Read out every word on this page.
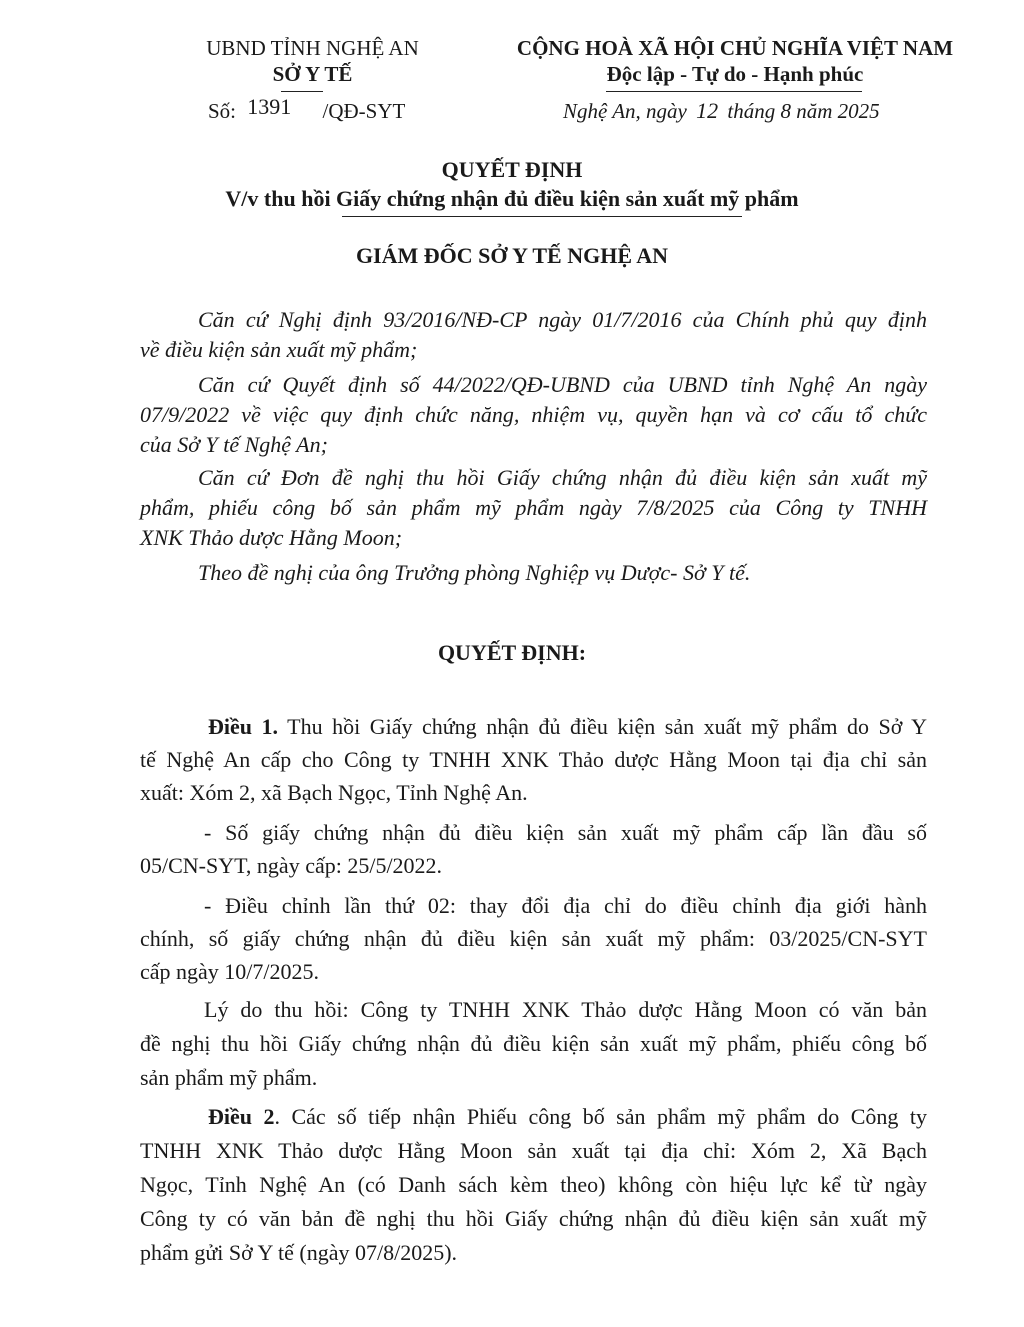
UBND TỈNH NGHỆ AN
SỞ Y TẾ
Số: 1391 /QĐ-SYT
CỘNG HOÀ XÃ HỘI CHỦ NGHĨA VIỆT NAM
Độc lập - Tự do - Hạnh phúc
Nghệ An, ngày 12 tháng 8 năm 2025
QUYẾT ĐỊNH
V/v thu hồi Giấy chứng nhận đủ điều kiện sản xuất mỹ phẩm
GIÁM ĐỐC SỞ Y TẾ NGHỆ AN
Căn cứ Nghị định 93/2016/NĐ-CP ngày 01/7/2016 của Chính phủ quy định
về điều kiện sản xuất mỹ phẩm;
Căn cứ Quyết định số 44/2022/QĐ-UBND của UBND tỉnh Nghệ An ngày
07/9/2022 về việc quy định chức năng, nhiệm vụ, quyền hạn và cơ cấu tổ chức
của Sở Y tế Nghệ An;
Căn cứ Đơn đề nghị thu hồi Giấy chứng nhận đủ điều kiện sản xuất mỹ
phẩm, phiếu công bố sản phẩm mỹ phẩm ngày 7/8/2025 của Công ty TNHH
XNK Thảo dược Hằng Moon;
Theo đề nghị của ông Trưởng phòng Nghiệp vụ Dược- Sở Y tế.
QUYẾT ĐỊNH:
Điều 1. Thu hồi Giấy chứng nhận đủ điều kiện sản xuất mỹ phẩm do Sở Y
tế Nghệ An cấp cho Công ty TNHH XNK Thảo dược Hằng Moon tại địa chỉ sản
xuất: Xóm 2, xã Bạch Ngọc, Tỉnh Nghệ An.
- Số giấy chứng nhận đủ điều kiện sản xuất mỹ phẩm cấp lần đầu số
05/CN-SYT, ngày cấp: 25/5/2022.
- Điều chỉnh lần thứ 02: thay đổi địa chỉ do điều chỉnh địa giới hành
chính, số giấy chứng nhận đủ điều kiện sản xuất mỹ phẩm: 03/2025/CN-SYT
cấp ngày 10/7/2025.
Lý do thu hồi: Công ty TNHH XNK Thảo dược Hằng Moon có văn bản
đề nghị thu hồi Giấy chứng nhận đủ điều kiện sản xuất mỹ phẩm, phiếu công bố
sản phẩm mỹ phẩm.
Điều 2. Các số tiếp nhận Phiếu công bố sản phẩm mỹ phẩm do Công ty
TNHH XNK Thảo dược Hằng Moon sản xuất tại địa chỉ: Xóm 2, Xã Bạch
Ngọc, Tỉnh Nghệ An (có Danh sách kèm theo) không còn hiệu lực kể từ ngày
Công ty có văn bản đề nghị thu hồi Giấy chứng nhận đủ điều kiện sản xuất mỹ
phẩm gửi Sở Y tế (ngày 07/8/2025).
